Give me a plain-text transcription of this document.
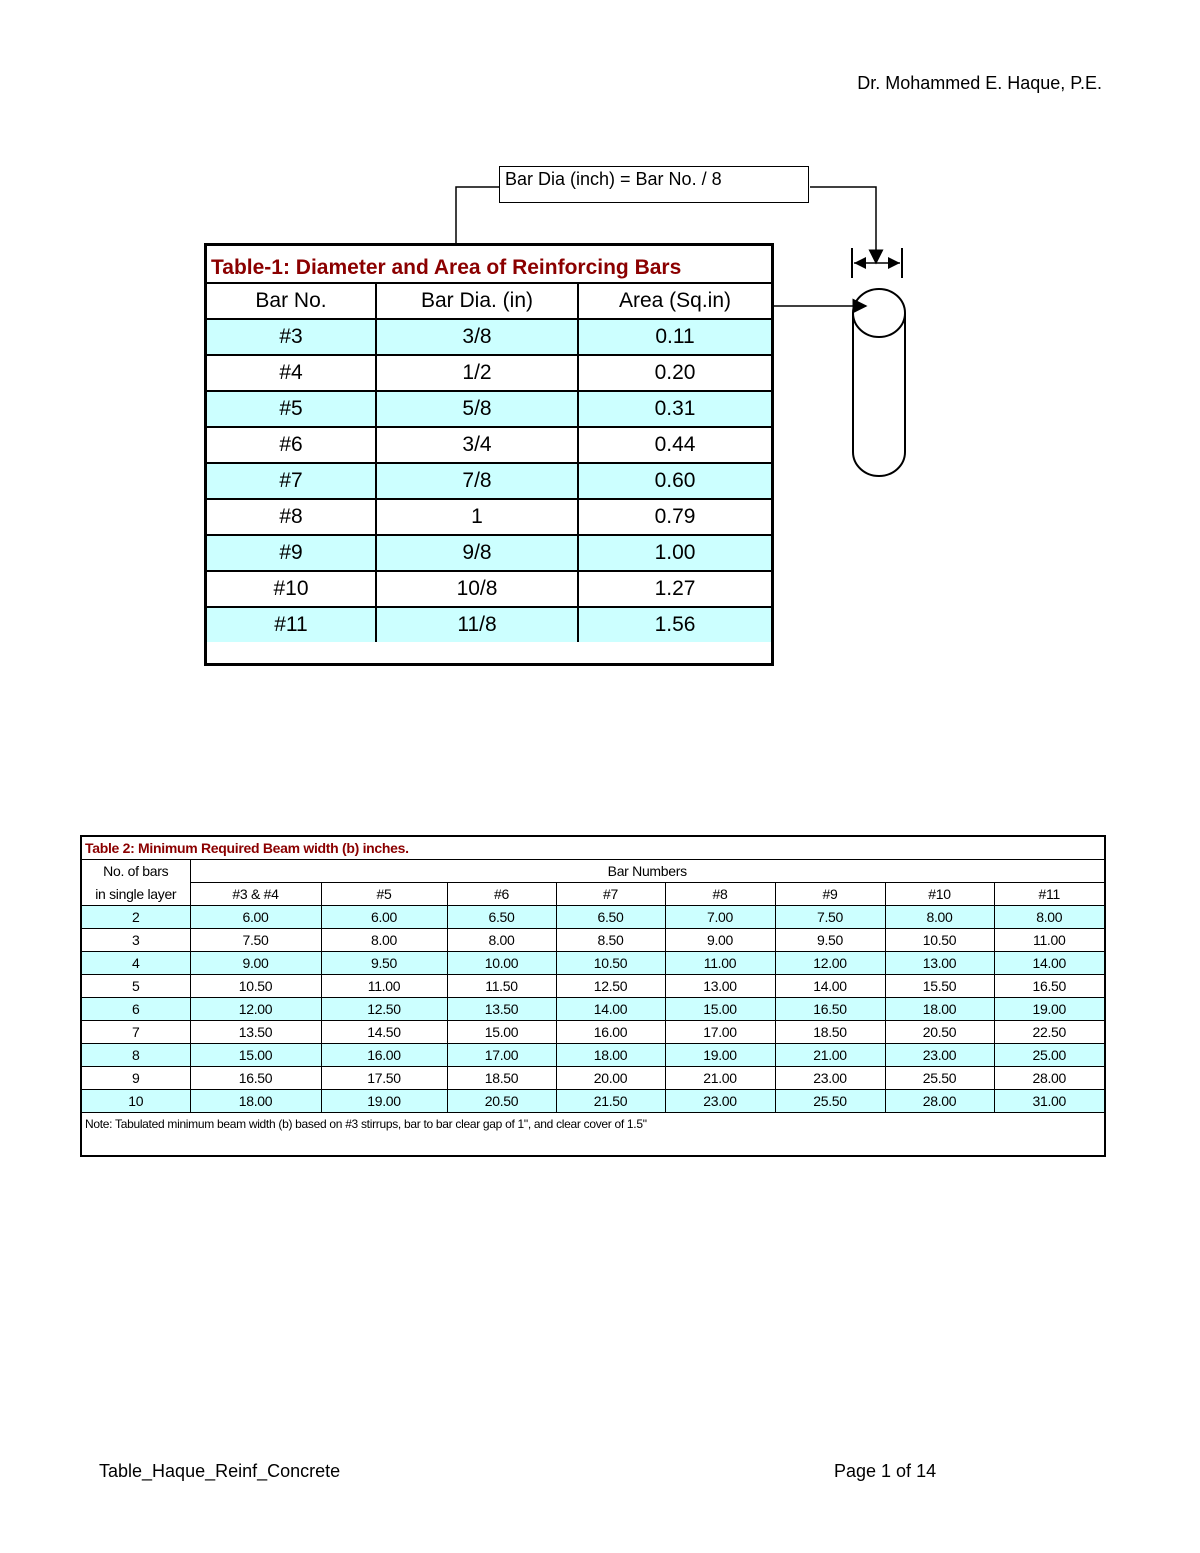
Dr. Mohammed E. Haque, P.E.
Bar Dia (inch) = Bar No. / 8
Table-1: Diameter and Area of Reinforcing Bars
Bar No.	Bar Dia. (in)	Area (Sq.in)
#3	3/8	0.11
#4	1/2	0.20
#5	5/8	0.31
#6	3/4	0.44
#7	7/8	0.60
#8	1	0.79
#9	9/8	1.00
#10	10/8	1.27
#11	11/8	1.56
Table 2: Minimum Required Beam width (b) inches.								
No. of bars	Bar Numbers							
in single layer	#3 & #4	#5	#6	#7	#8	#9	#10	#11
2	6.00	6.00	6.50	6.50	7.00	7.50	8.00	8.00
3	7.50	8.00	8.00	8.50	9.00	9.50	10.50	11.00
4	9.00	9.50	10.00	10.50	11.00	12.00	13.00	14.00
5	10.50	11.00	11.50	12.50	13.00	14.00	15.50	16.50
6	12.00	12.50	13.50	14.00	15.00	16.50	18.00	19.00
7	13.50	14.50	15.00	16.00	17.00	18.50	20.50	22.50
8	15.00	16.00	17.00	18.00	19.00	21.00	23.00	25.00
9	16.50	17.50	18.50	20.00	21.00	23.00	25.50	28.00
10	18.00	19.00	20.50	21.50	23.00	25.50	28.00	31.00
Note: Tabulated minimum beam width (b) based on #3 stirrups, bar to bar clear gap of 1", and clear cover of 1.5"								
Table_Haque_Reinf_Concrete	Page 1 of 14
